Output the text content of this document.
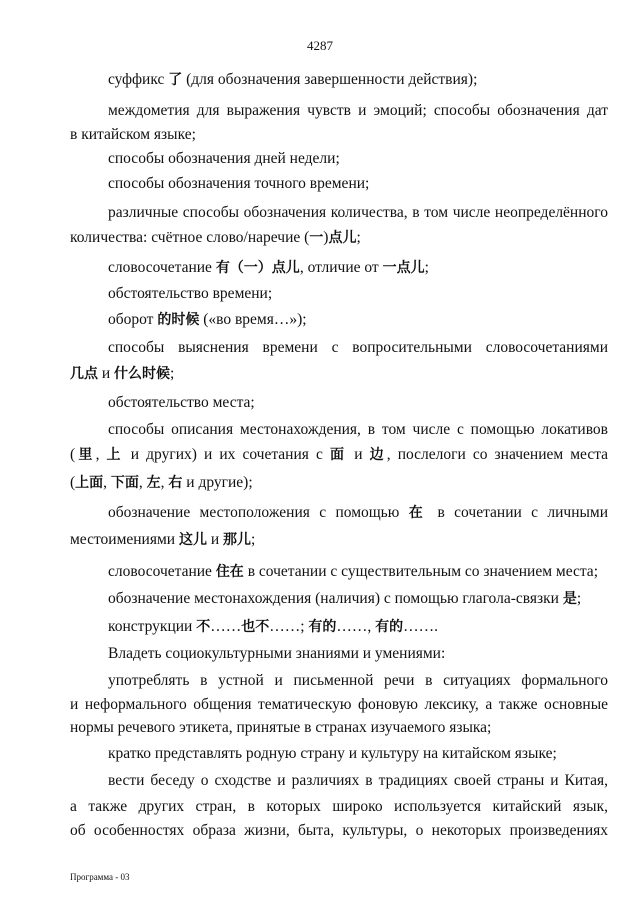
4287
суффикс 了 (для обозначения завершенности действия);
междометия для выражения чувств и эмоций; способы обозначения дат
в китайском языке;
способы обозначения дней недели;
способы обозначения точного времени;
различные способы обозначения количества, в том числе неопределённого
количества: счётное слово/наречие (一)点儿;
словосочетание 有（一）点儿, отличие от 一点儿;
обстоятельство времени;
оборот 的时候 («во время…»);
способы выяснения времени с вопросительными словосочетаниями
几点 и 什么时候;
обстоятельство места;
способы описания местонахождения, в том числе с помощью локативов
(里, 上 и других) и их сочетания с 面 и 边, послелоги со значением места
(上面, 下面, 左, 右 и другие);
обозначение местоположения с помощью 在 в сочетании с личными
местоимениями 这儿 и 那儿;
словосочетание 住在 в сочетании с существительным со значением места;
обозначение местонахождения (наличия) с помощью глагола-связки 是;
конструкции 不……也不……; 有的……, 有的…….
Владеть социокультурными знаниями и умениями:
употреблять в устной и письменной речи в ситуациях формального
и неформального общения тематическую фоновую лексику, а также основные
нормы речевого этикета, принятые в странах изучаемого языка;
кратко представлять родную страну и культуру на китайском языке;
вести беседу о сходстве и различиях в традициях своей страны и Китая,
а также других стран, в которых широко используется китайский язык,
об особенностях образа жизни, быта, культуры, о некоторых произведениях
Программа - 03
